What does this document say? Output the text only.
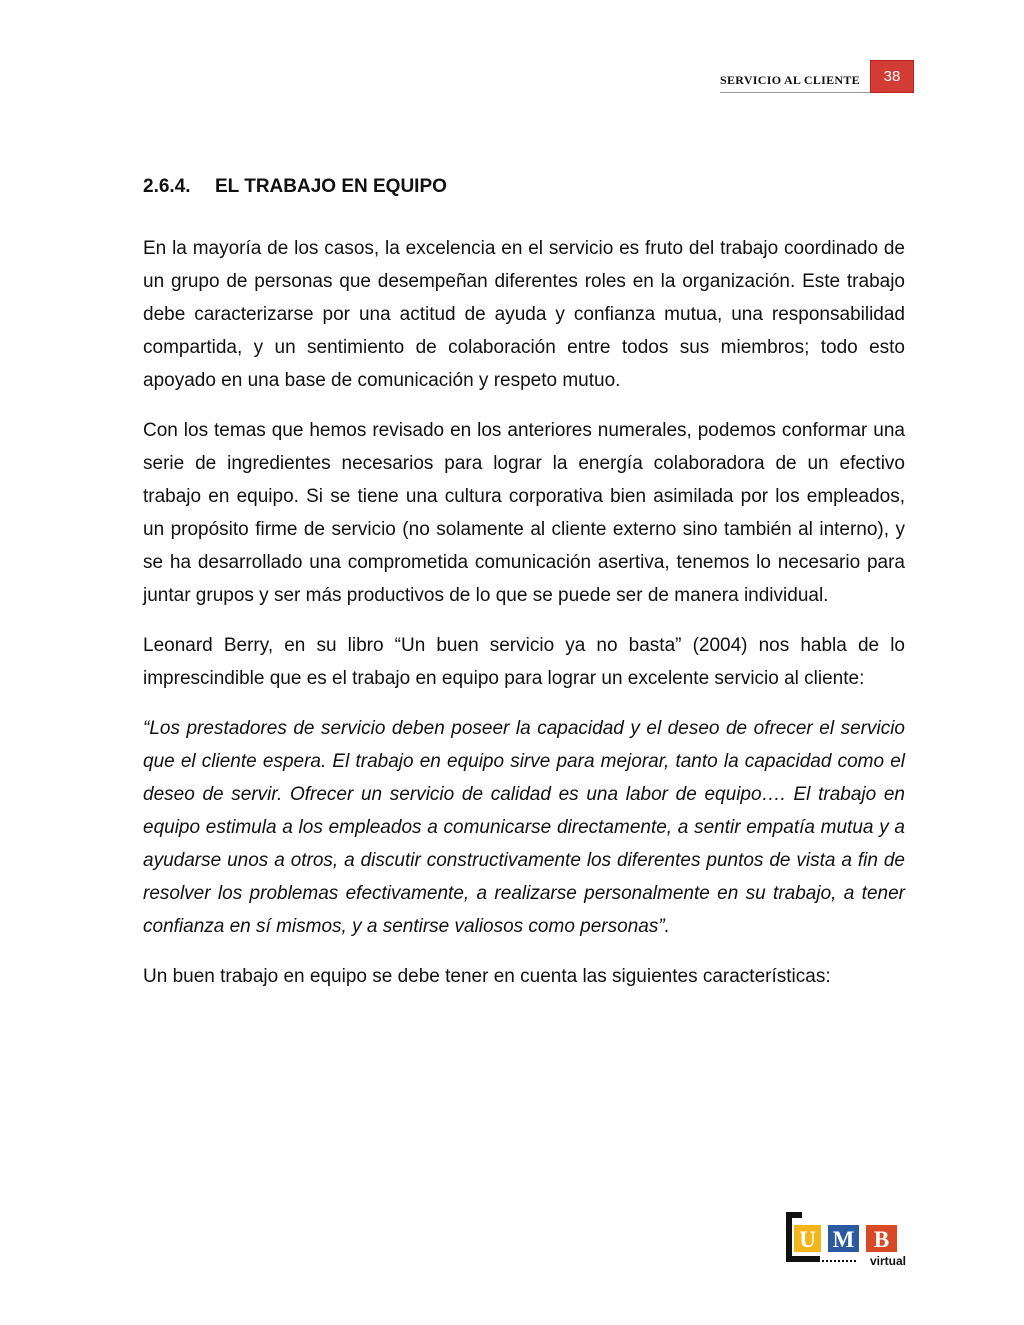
SERVICIO AL CLIENTE	38
2.6.4. EL TRABAJO EN EQUIPO

En la mayoría de los casos, la excelencia en el servicio es fruto del trabajo coordinado de un grupo de personas que desempeñan diferentes roles en la organización. Este trabajo debe caracterizarse por una actitud de ayuda y confianza mutua, una responsabilidad compartida, y un sentimiento de colaboración entre todos sus miembros; todo esto apoyado en una base de comunicación y respeto mutuo.

Con los temas que hemos revisado en los anteriores numerales, podemos conformar una serie de ingredientes necesarios para lograr la energía colaboradora de un efectivo trabajo en equipo. Si se tiene una cultura corporativa bien asimilada por los empleados, un propósito firme de servicio (no solamente al cliente externo sino también al interno), y se ha desarrollado una comprometida comunicación asertiva, tenemos lo necesario para juntar grupos y ser más productivos de lo que se puede ser de manera individual.

Leonard Berry, en su libro “Un buen servicio ya no basta” (2004) nos habla de lo imprescindible que es el trabajo en equipo para lograr un excelente servicio al cliente:

“Los prestadores de servicio deben poseer la capacidad y el deseo de ofrecer el servicio que el cliente espera. El trabajo en equipo sirve para mejorar, tanto la capacidad como el deseo de servir. Ofrecer un servicio de calidad es una labor de equipo…. El trabajo en equipo estimula a los empleados a comunicarse directamente, a sentir empatía mutua y a ayudarse unos a otros, a discutir constructivamente los diferentes puntos de vista a fin de resolver los problemas efectivamente, a realizarse personalmente en su trabajo, a tener confianza en sí mismos, y a sentirse valiosos como personas”.

Un buen trabajo en equipo se debe tener en cuenta las siguientes características:

U M B
virtual
